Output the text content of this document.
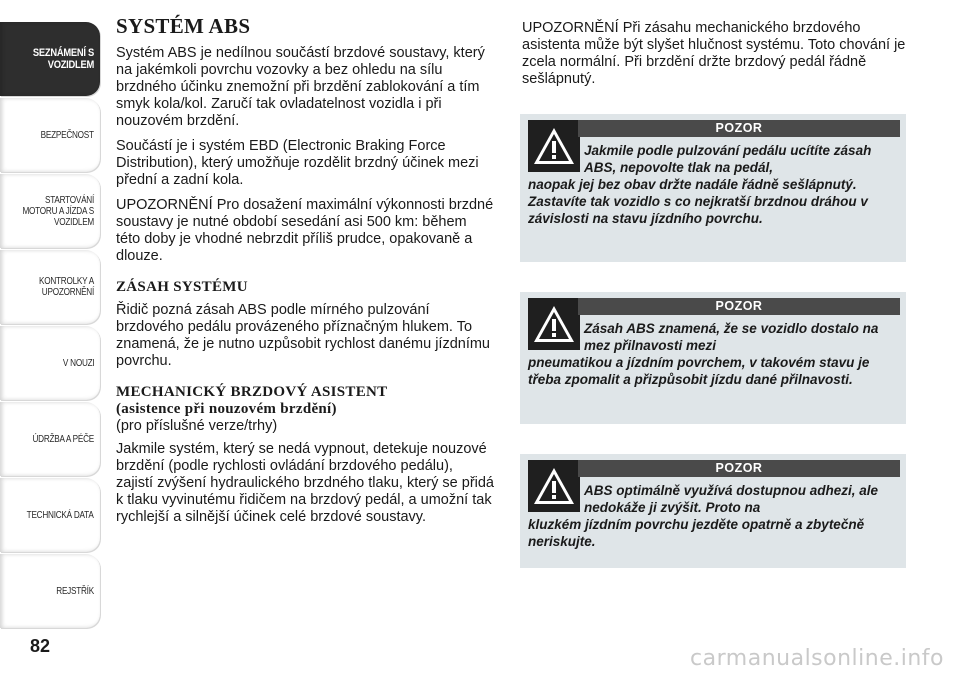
SEZNÁMENÍ S VOZIDLEM
BEZPEČNOST
STARTOVÁNÍ MOTORU A JÍZDA S VOZIDLEM
KONTROLKY A UPOZORNĚNÍ
V NOUZI
ÚDRŽBA A PÉČE
TECHNICKÁ DATA
REJSTŘÍK
82
SYSTÉM ABS

Systém ABS je nedílnou součástí brzdové soustavy, který na jakémkoli povrchu vozovky a bez ohledu na sílu brzdného účinku znemožní při brzdění zablokování a tím smyk kola/kol. Zaručí tak ovladatelnost vozidla i při nouzovém brzdění.

Součástí je i systém EBD (Electronic Braking Force Distribution), který umožňuje rozdělit brzdný účinek mezi přední a zadní kola.

UPOZORNĚNÍ Pro dosažení maximální výkonnosti brzdné soustavy je nutné období sesedání asi 500 km: během této doby je vhodné nebrzdit příliš prudce, opakovaně a dlouze.

ZÁSAH SYSTÉMU

Řidič pozná zásah ABS podle mírného pulzování brzdového pedálu provázeného příznačným hlukem. To znamená, že je nutno uzpůsobit rychlost danému jízdnímu povrchu.

MECHANICKÝ BRZDOVÝ ASISTENT
(asistence při nouzovém brzdění)

(pro příslušné verze/trhy)

Jakmile systém, který se nedá vypnout, detekuje nouzové brzdění (podle rychlosti ovládání brzdového pedálu), zajistí zvýšení hydraulického brzdného tlaku, který se přidá k tlaku vyvinutému řidičem na brzdový pedál, a umožní tak rychlejší a silnější účinek celé brzdové soustavy.

UPOZORNĚNÍ Při zásahu mechanického brzdového asistenta může být slyšet hlučnost systému. Toto chování je zcela normální. Při brzdění držte brzdový pedál řádně sešlápnutý.

POZOR
Jakmile podle pulzování pedálu ucítíte zásah ABS, nepovolte tlak na pedál,
naopak jej bez obav držte nadále řádně sešlápnutý. Zastavíte tak vozidlo s co nejkratší brzdnou dráhou v závislosti na stavu jízdního povrchu.
POZOR
Zásah ABS znamená, že se vozidlo dostalo na mez přilnavosti mezi
pneumatikou a jízdním povrchem, v takovém stavu je třeba zpomalit a přizpůsobit jízdu dané přilnavosti.
POZOR
ABS optimálně využívá dostupnou adhezi, ale nedokáže ji zvýšit. Proto na
kluzkém jízdním povrchu jezděte opatrně a zbytečně neriskujte.
carmanualsonline.info
